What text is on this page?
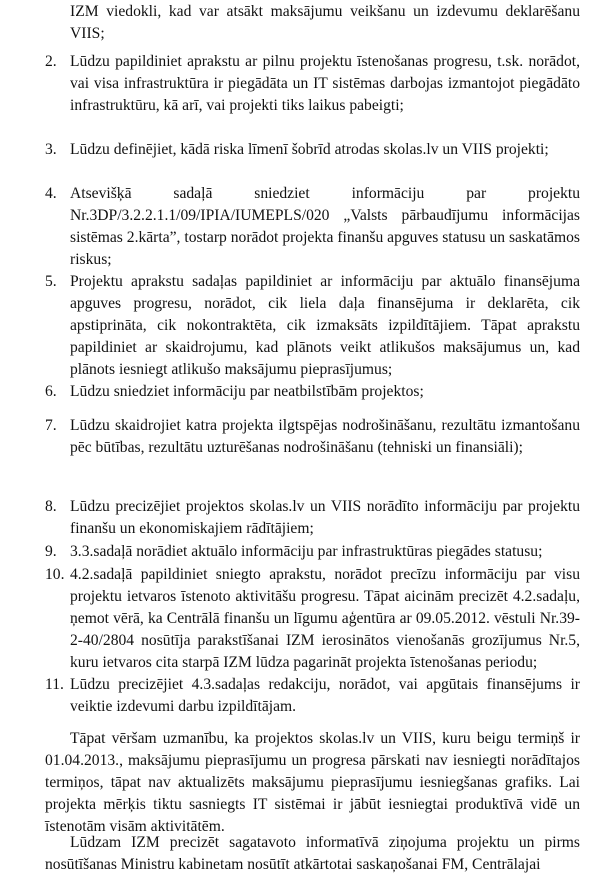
IZM viedokli, kad var atsākt maksājumu veikšanu un izdevumu deklarēšanu VIIS;
2. Lūdzu papildiniet aprakstu ar pilnu projektu īstenošanas progresu, t.sk. norādot, vai visa infrastruktūra ir piegādāta un IT sistēmas darbojas izmantojot piegādāto infrastruktūru, kā arī, vai projekti tiks laikus pabeigti;
3. Lūdzu definējiet, kādā riska līmenī šobrīd atrodas skolas.lv un VIIS projekti;
4. Atsevišķā sadaļā sniedziet informāciju par projektu Nr.3DP/3.2.2.1.1/09/IPIA/IUMEPLS/020 „Valsts pārbaudījumu informācijas sistēmas 2.kārta”, tostarp norādot projekta finanšu apguves statusu un saskatāmos riskus;
5. Projektu aprakstu sadaļas papildiniet ar informāciju par aktuālo finansējuma apguves progresu, norādot, cik liela daļa finansējuma ir deklarēta, cik apstiprināta, cik nokontraktēta, cik izmaksāts izpildītājiem. Tāpat aprakstu papildiniet ar skaidrojumu, kad plānots veikt atlikušos maksājumus un, kad plānots iesniegt atlikušo maksājumu pieprasījumus;
6. Lūdzu sniedziet informāciju par neatbilstībām projektos;
7. Lūdzu skaidrojiet katra projekta ilgtspējas nodrošināšanu, rezultātu izmantošanu pēc būtības, rezultātu uzturēšanas nodrošināšanu (tehniski un finansiāli);
8. Lūdzu precizējiet projektos skolas.lv un VIIS norādīto informāciju par projektu finanšu un ekonomiskajiem rādītājiem;
9. 3.3.sadaļā norādiet aktuālo informāciju par infrastruktūras piegādes statusu;
10. 4.2.sadaļā papildiniet sniegto aprakstu, norādot precīzu informāciju par visu projektu ietvaros īstenoto aktivitāšu progresu. Tāpat aicinām precizēt 4.2.sadaļu, ņemot vērā, ka Centrālā finanšu un līgumu aģentūra ar 09.05.2012. vēstuli Nr.39-2-40/2804 nosūtīja parakstīšanai IZM ierosinātos vienošanās grozījumus Nr.5, kuru ietvaros cita starpā IZM lūdza pagarināt projekta īstenošanas periodu;
11. Lūdzu precizējiet 4.3.sadaļas redakciju, norādot, vai apgūtais finansējums ir veiktie izdevumi darbu izpildītājam.
Tāpat vēršam uzmanību, ka projektos skolas.lv un VIIS, kuru beigu termiņš ir 01.04.2013., maksājumu pieprasījumu un progresa pārskati nav iesniegti norādītajos termiņos, tāpat nav aktualizēts maksājumu pieprasījumu iesniegšanas grafiks. Lai projekta mērķis tiktu sasniegts IT sistēmai ir jābūt iesniegtai produktīvā vidē un īstenotām visām aktivitātēm.
Lūdzam IZM precizēt sagatavoto informatīvā ziņojuma projektu un pirms nosūtīšanas Ministru kabinetam nosūtīt atkārtotai saskaņošanai FM, Centrālajai
